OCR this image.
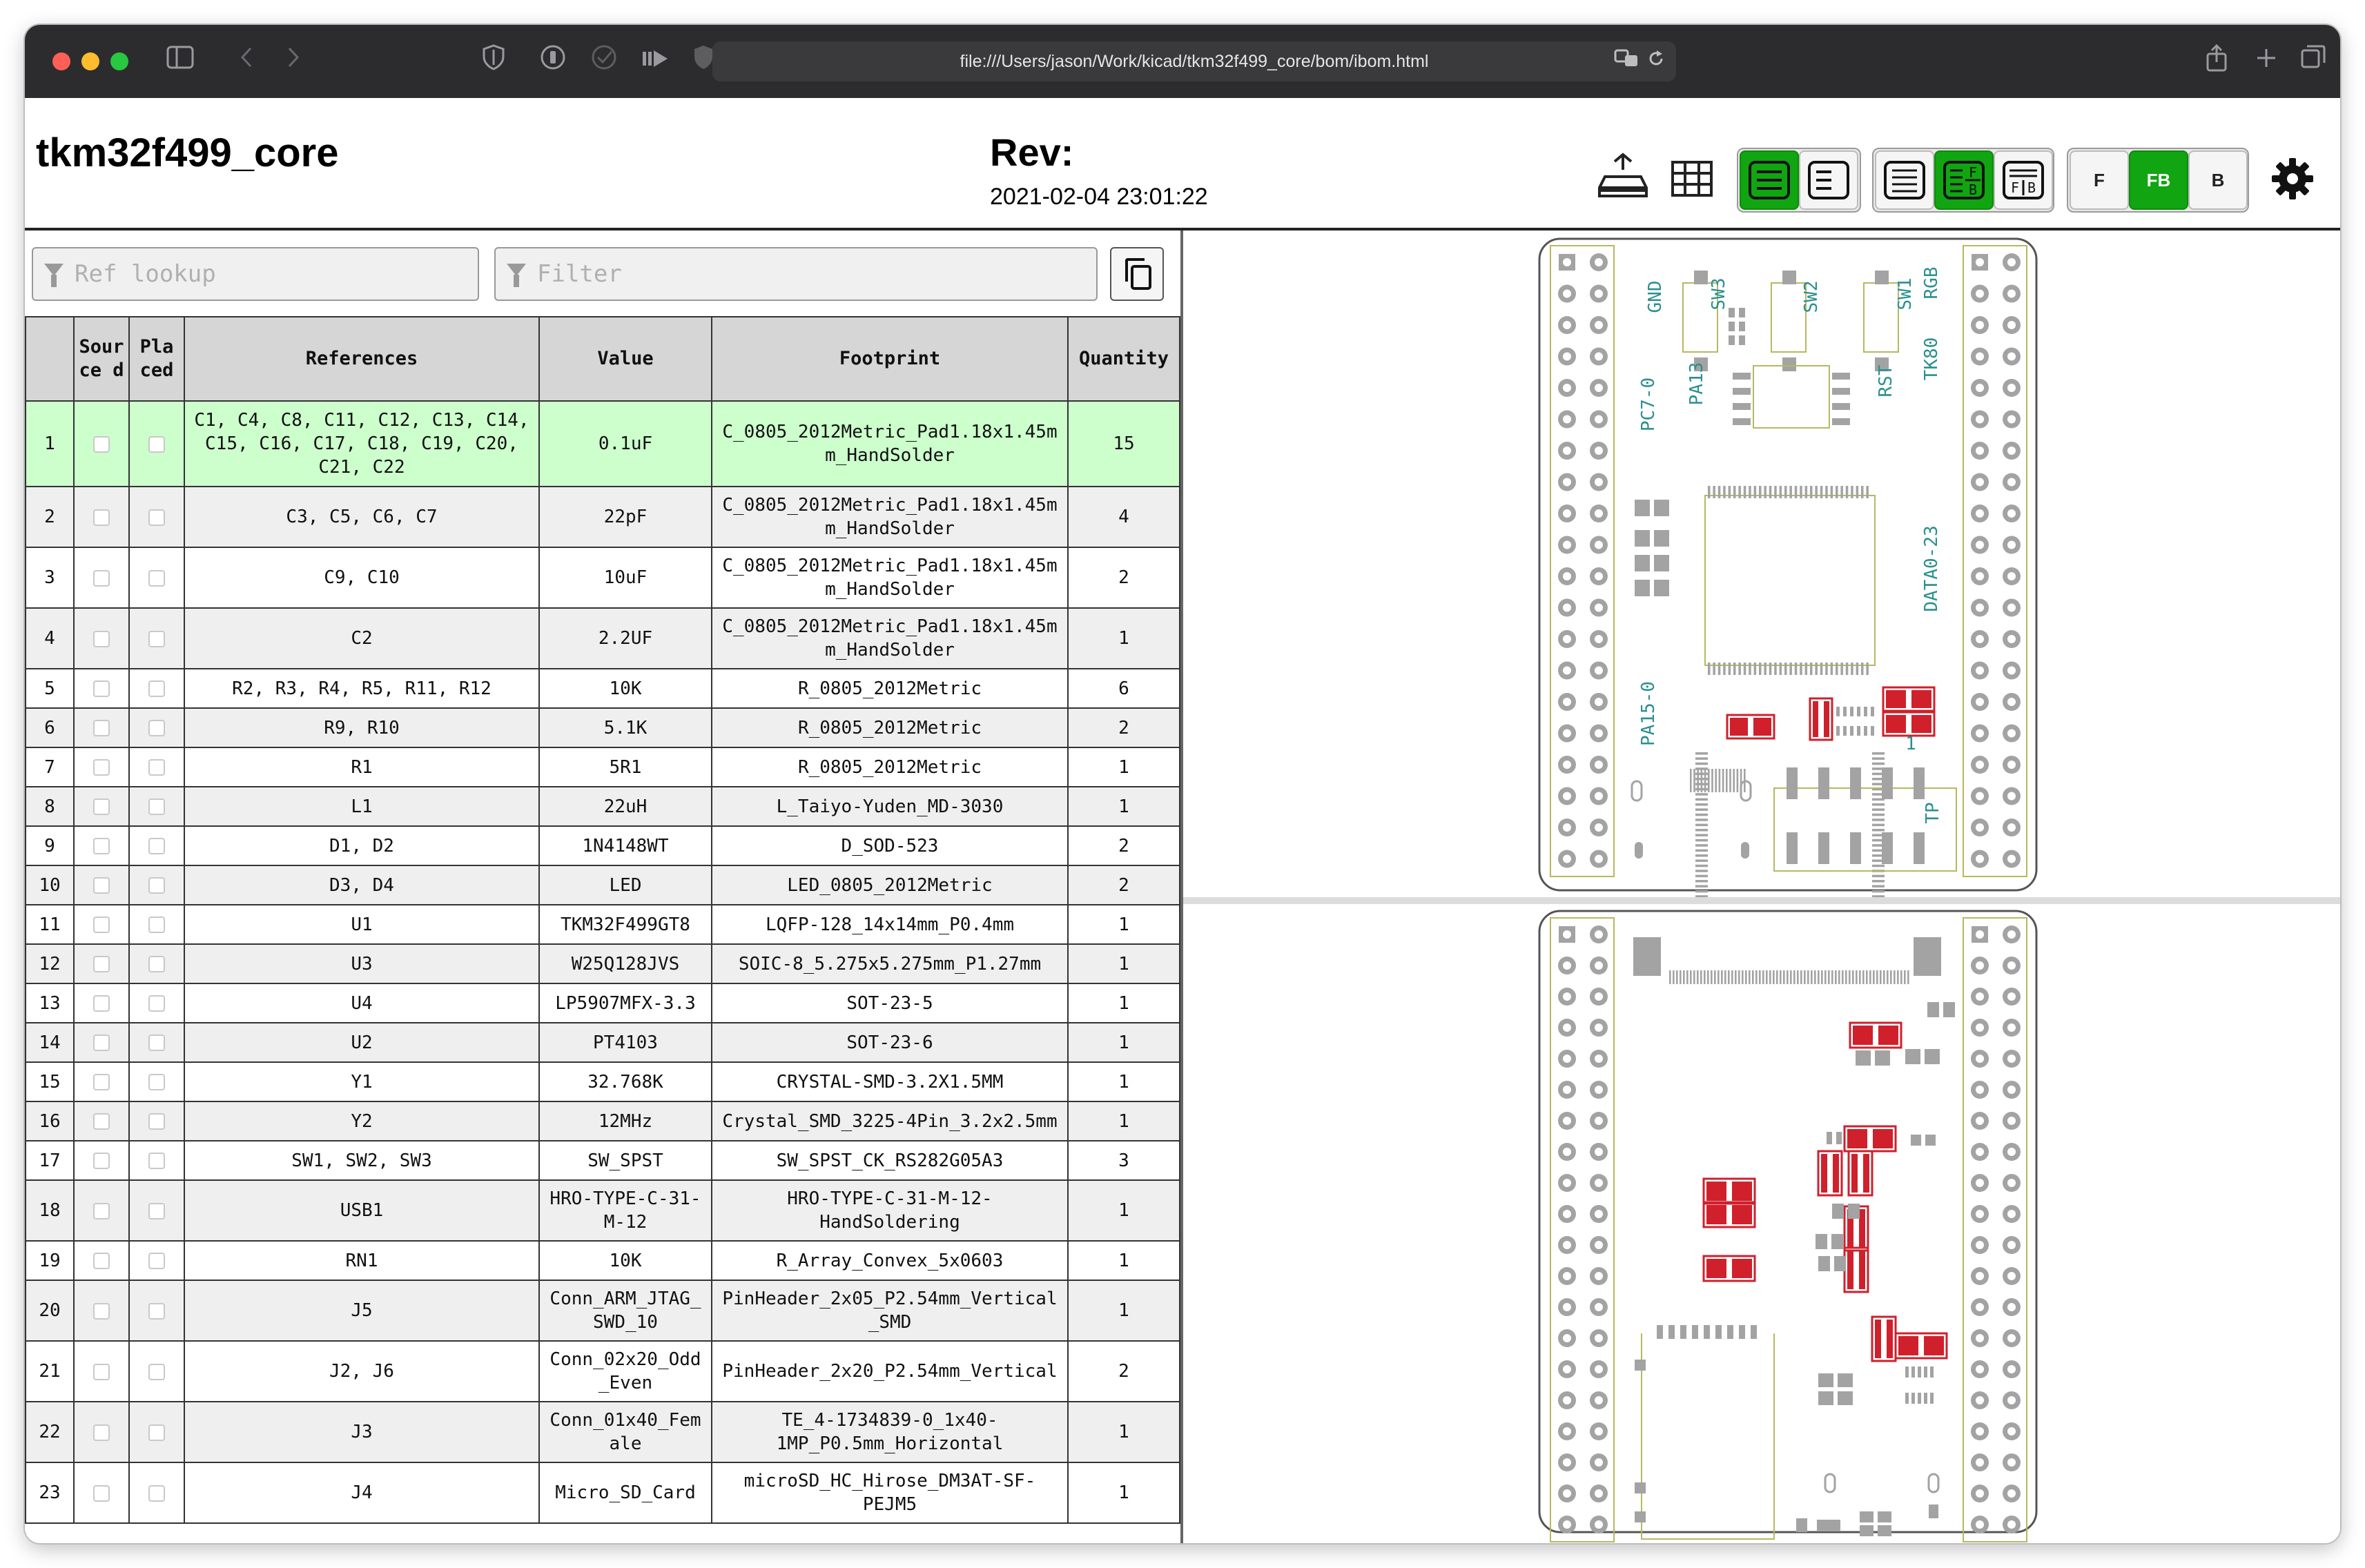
file:///Users/jason/Work/kicad/tkm32f499_core/bom/ibom.html
tkm32f499_core	Rev:
2021-02-04 23:01:22
F
B F B	F FB B
Ref lookup
Filter
	Source d	Pla ced	References	Value	Footprint	Quantity
1			C1, C4, C8, C11, C12, C13, C14, C15, C16, C17, C18, C19, C20, C21, C22	0.1uF	C_0805_2012Metric_Pad1.18x1.45mm_HandSolder	15
2			C3, C5, C6, C7	22pF	C_0805_2012Metric_Pad1.18x1.45mm_HandSolder	4
3			C9, C10	10uF	C_0805_2012Metric_Pad1.18x1.45mm_HandSolder	2
4			C2	2.2UF	C_0805_2012Metric_Pad1.18x1.45mm_HandSolder	1
5			R2, R3, R4, R5, R11, R12	10K	R_0805_2012Metric	6
6			R9, R10	5.1K	R_0805_2012Metric	2
7			R1	5R1	R_0805_2012Metric	1
8			L1	22uH	L_Taiyo-Yuden_MD-3030	1
9			D1, D2	1N4148WT	D_SOD-523	2
10			D3, D4	LED	LED_0805_2012Metric	2
11			U1	TKM32F499GT8	LQFP-128_14x14mm_P0.4mm	1
12			U3	W25Q128JVS	SOIC-8_5.275x5.275mm_P1.27mm	1
13			U4	LP5907MFX-3.3	SOT-23-5	1
14			U2	PT4103	SOT-23-6	1
15			Y1	32.768K	CRYSTAL-SMD-3.2X1.5MM	1
16			Y2	12MHz	Crystal_SMD_3225-4Pin_3.2x2.5mm	1
17			SW1, SW2, SW3	SW_SPST	SW_SPST_CK_RS282G05A3	3
18			USB1	HRO-TYPE-C-31-M-12	HRO-TYPE-C-31-M-12-HandSoldering	1
19			RN1	10K	R_Array_Convex_5x0603	1
20			J5	Conn_ARM_JTAG_SWD_10	PinHeader_2x05_P2.54mm_Vertical_SMD	1
21			J2, J6	Conn_02x20_Odd_Even	PinHeader_2x20_P2.54mm_Vertical	2
22			J3	Conn_01x40_Female	TE_4-1734839-0_1x40-1MP_P0.5mm_Horizontal	1
23			J4	Micro_SD_Card	microSD_HC_Hirose_DM3AT-SF-PEJM5	1
GND SW3	SW2	SW1 RGB
PA13
PC7-0	RST
TK80
DATA0-23
PA15-0	1
TP
